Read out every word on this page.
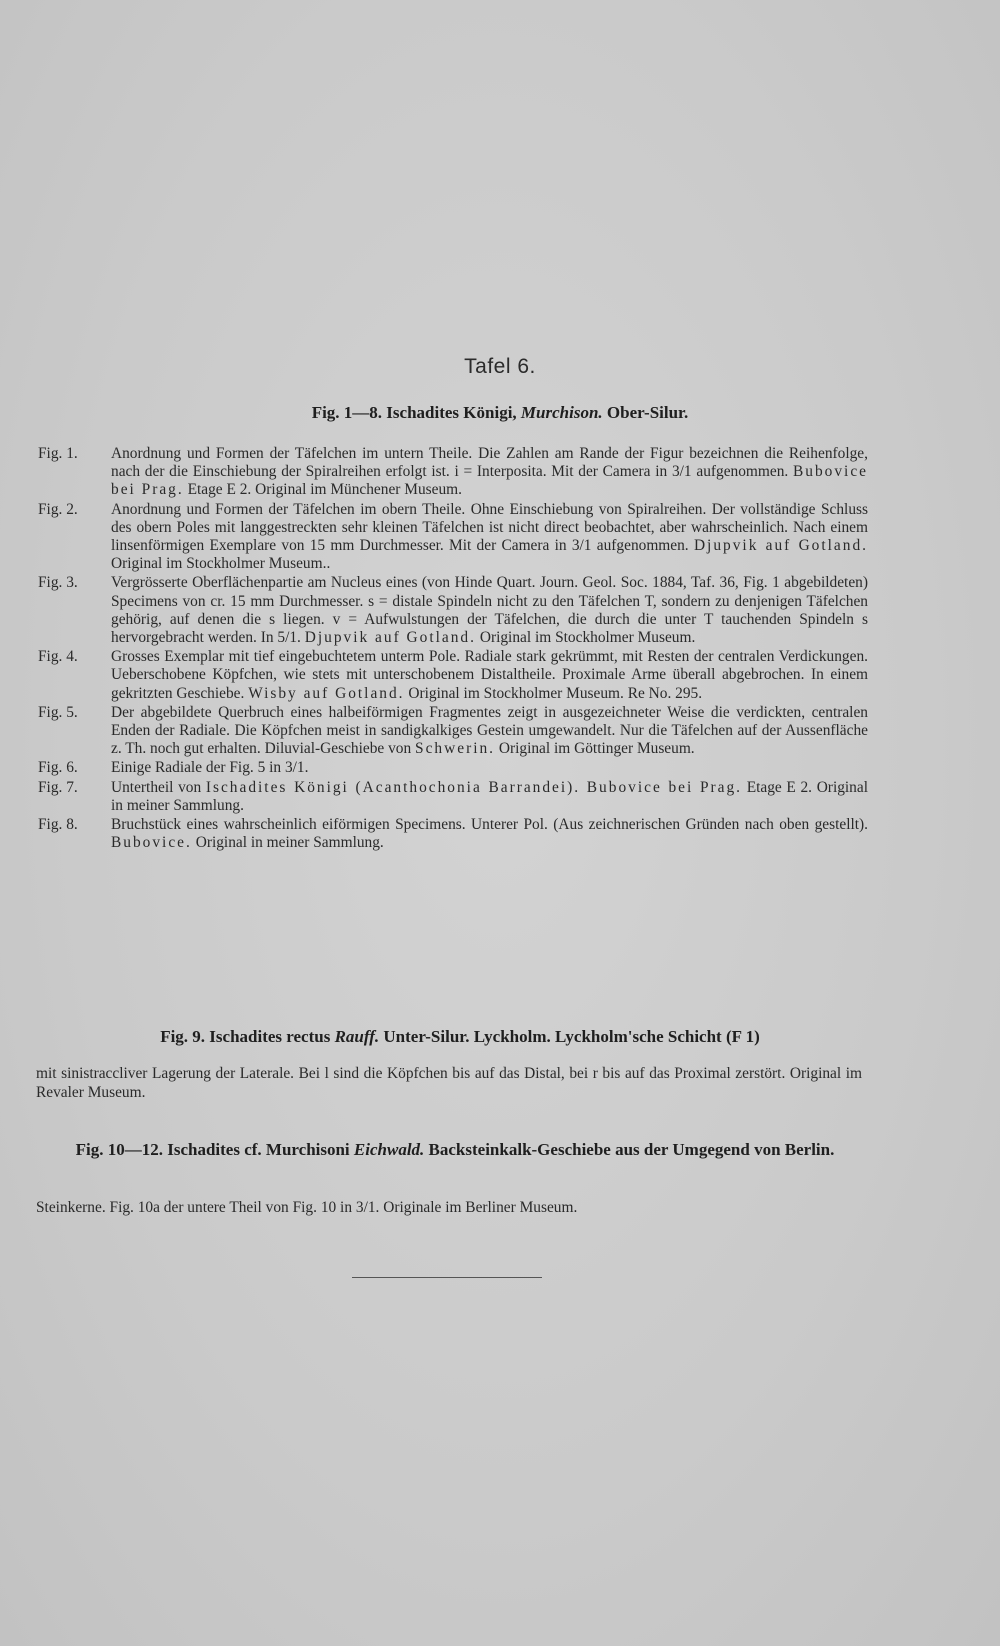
Tafel 6.
Fig. 1—8. Ischadites Königi, Murchison. Ober-Silur.
Fig. 1.	Anordnung und Formen der Täfelchen im untern Theile. Die Zahlen am Rande der Figur bezeichnen die Reihenfolge, nach der die Einschiebung der Spiralreihen erfolgt ist. i = Interposita. Mit der Camera in 3/1 aufgenommen. Bubovice bei Prag. Etage E 2. Original im Münchener Museum.
Fig. 2.	Anordnung und Formen der Täfelchen im obern Theile. Ohne Einschiebung von Spiralreihen. Der vollständige Schluss des obern Poles mit langgestreckten sehr kleinen Täfelchen ist nicht direct beobachtet, aber wahrscheinlich. Nach einem linsenförmigen Exemplare von 15 mm Durchmesser. Mit der Camera in 3/1 aufgenommen. Djupvik auf Gotland. Original im Stockholmer Museum..
Fig. 3.	Vergrösserte Oberflächenpartie am Nucleus eines (von Hinde Quart. Journ. Geol. Soc. 1884, Taf. 36, Fig. 1 abgebildeten) Specimens von cr. 15 mm Durchmesser. s = distale Spindeln nicht zu den Täfelchen T, sondern zu denjenigen Täfelchen gehörig, auf denen die s liegen. v = Aufwulstungen der Täfelchen, die durch die unter T tauchenden Spindeln s hervorgebracht werden. In 5/1. Djupvik auf Gotland. Original im Stockholmer Museum.
Fig. 4.	Grosses Exemplar mit tief eingebuchtetem unterm Pole. Radiale stark gekrümmt, mit Resten der centralen Verdickungen. Ueberschobene Köpfchen, wie stets mit unterschobenem Distaltheile. Proximale Arme überall abgebrochen. In einem gekritzten Geschiebe. Wisby auf Gotland. Original im Stockholmer Museum. Re No. 295.
Fig. 5.	Der abgebildete Querbruch eines halbeiförmigen Fragmentes zeigt in ausgezeichneter Weise die verdickten, centralen Enden der Radiale. Die Köpfchen meist in sandigkalkiges Gestein umgewandelt. Nur die Täfelchen auf der Aussenfläche z. Th. noch gut erhalten. Diluvial-Geschiebe von Schwerin. Original im Göttinger Museum.
Fig. 6.	Einige Radiale der Fig. 5 in 3/1.
Fig. 7.	Untertheil von Ischadites Königi (Acanthochonia Barrandei). Bubovice bei Prag. Etage E 2. Original in meiner Sammlung.
Fig. 8.	Bruchstück eines wahrscheinlich eiförmigen Specimens. Unterer Pol. (Aus zeichnerischen Gründen nach oben gestellt). Bubovice. Original in meiner Sammlung.
Fig. 9. Ischadites rectus Rauff. Unter-Silur. Lyckholm. Lyckholm'sche Schicht (F 1)
mit sinistraccliver Lagerung der Laterale. Bei l sind die Köpfchen bis auf das Distal, bei r bis auf das Proximal zerstört. Original im Revaler Museum.
Fig. 10—12. Ischadites cf. Murchisoni Eichwald. Backsteinkalk-Geschiebe aus der Umgegend von Berlin.
Steinkerne. Fig. 10a der untere Theil von Fig. 10 in 3/1. Originale im Berliner Museum.
